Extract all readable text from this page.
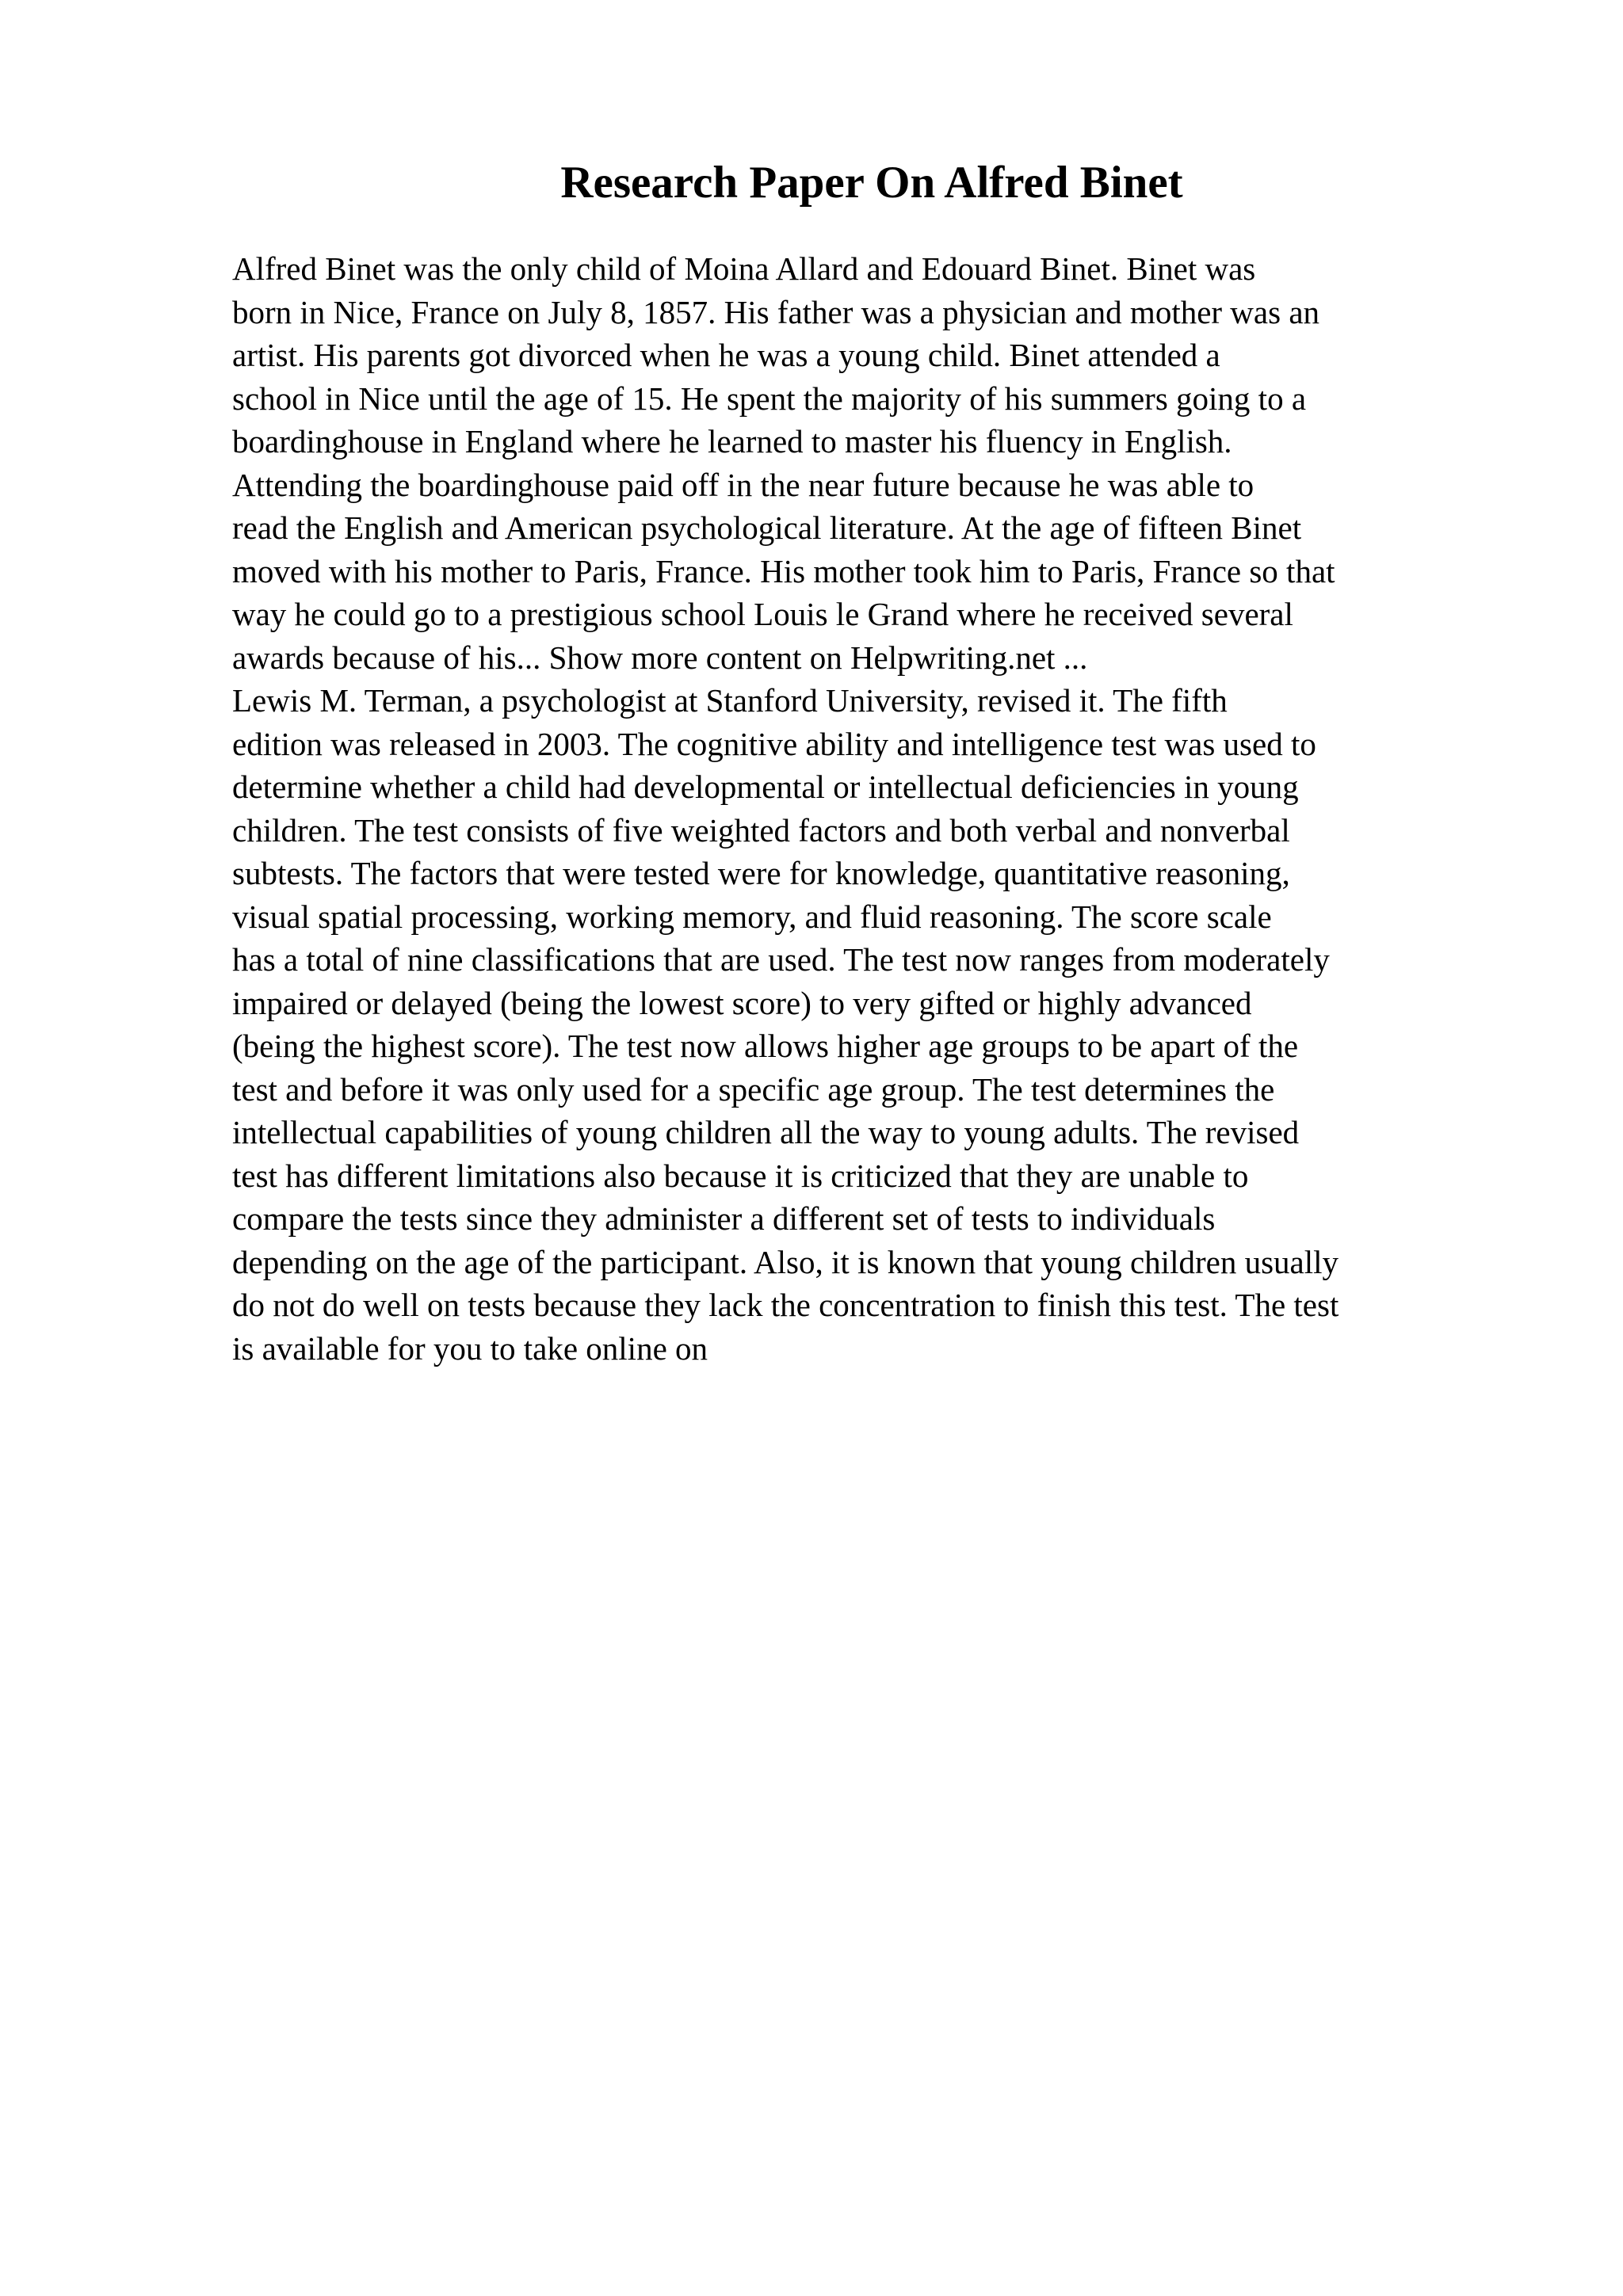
Research Paper On Alfred Binet
Alfred Binet was the only child of Moina Allard and Edouard Binet. Binet was
born in Nice, France on July 8, 1857. His father was a physician and mother was an
artist. His parents got divorced when he was a young child. Binet attended a
school in Nice until the age of 15. He spent the majority of his summers going to a
boardinghouse in England where he learned to master his fluency in English.
Attending the boardinghouse paid off in the near future because he was able to
read the English and American psychological literature. At the age of fifteen Binet
moved with his mother to Paris, France. His mother took him to Paris, France so that
way he could go to a prestigious school Louis le Grand where he received several
awards because of his... Show more content on Helpwriting.net ...
Lewis M. Terman, a psychologist at Stanford University, revised it. The fifth
edition was released in 2003. The cognitive ability and intelligence test was used to
determine whether a child had developmental or intellectual deficiencies in young
children. The test consists of five weighted factors and both verbal and nonverbal
subtests. The factors that were tested were for knowledge, quantitative reasoning,
visual spatial processing, working memory, and fluid reasoning. The score scale
has a total of nine classifications that are used. The test now ranges from moderately
impaired or delayed (being the lowest score) to very gifted or highly advanced
(being the highest score). The test now allows higher age groups to be apart of the
test and before it was only used for a specific age group. The test determines the
intellectual capabilities of young children all the way to young adults. The revised
test has different limitations also because it is criticized that they are unable to
compare the tests since they administer a different set of tests to individuals
depending on the age of the participant. Also, it is known that young children usually
do not do well on tests because they lack the concentration to finish this test. The test
is available for you to take online on
